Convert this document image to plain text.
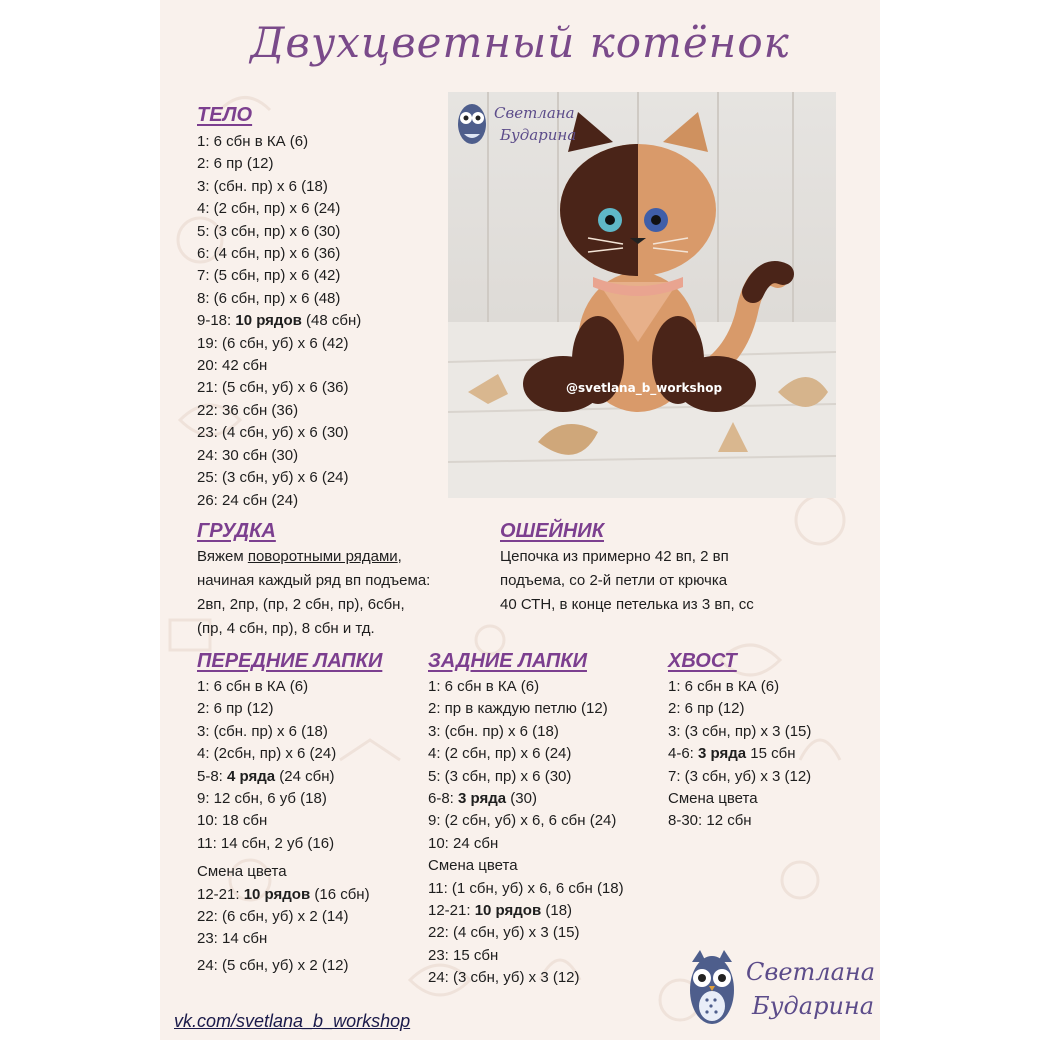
Двухцветный котёнок
ТЕЛО
1: 6 сбн в КА (6)
2: 6 пр (12)
3: (сбн. пр) х 6 (18)
4: (2 сбн, пр) х 6 (24)
5: (3 сбн, пр) х 6 (30)
6: (4 сбн, пр) х 6 (36)
7: (5 сбн, пр) х 6 (42)
8: (6 сбн, пр) х 6 (48)
9-18: 10 рядов (48 сбн)
19: (6 сбн, уб) х 6 (42)
20: 42 сбн
21: (5 сбн, уб) х 6 (36)
22: 36 сбн (36)
23: (4 сбн, уб) х 6 (30)
24: 30 сбн (30)
25: (3 сбн, уб) х 6 (24)
26: 24 сбн (24)
@svetlana_b_workshop
Светлана
Бударина
ГРУДКА
Вяжем поворотными рядами,
начиная каждый ряд вп подъема:
2вп, 2пр, (пр, 2 сбн, пр), 6сбн,
(пр, 4 сбн, пр), 8 сбн и тд.
ОШЕЙНИК
Цепочка из примерно 42 вп, 2 вп
подъема, со 2-й петли от крючка
40 СТН, в конце петелька из 3 вп, сс
ПЕРЕДНИЕ ЛАПКИ
1: 6 сбн в КА (6)
2: 6 пр (12)
3: (сбн. пр) х 6 (18)
4: (2сбн, пр) х 6 (24)
5-8: 4 ряда (24 сбн)
9: 12 сбн, 6 уб (18)
10: 18 сбн
11: 14 сбн, 2 уб (16)
Смена цвета
12-21: 10 рядов (16 сбн)
22: (6 сбн, уб) х 2 (14)
23: 14 сбн
24: (5 сбн, уб) х 2 (12)
ЗАДНИЕ ЛАПКИ
1: 6 сбн в КА (6)
2: пр в каждую петлю (12)
3: (сбн. пр) х 6 (18)
4: (2 сбн, пр) х 6 (24)
5: (3 сбн, пр) х 6 (30)
6-8: 3 ряда (30)
9: (2 сбн, уб) х 6, 6 сбн (24)
10: 24 сбн
Смена цвета
11: (1 сбн, уб) х 6, 6 сбн (18)
12-21: 10 рядов (18)
22: (4 сбн, уб) х 3 (15)
23: 15 сбн
24: (3 сбн, уб) х 3 (12)
ХВОСТ
1: 6 сбн в КА (6)
2: 6 пр (12)
3: (3 сбн, пр) х 3 (15)
4-6: 3 ряда 15 сбн
7: (3 сбн, уб) х 3 (12)
Смена цвета
8-30: 12 сбн
Светлана
Бударина
vk.com/svetlana_b_workshop
